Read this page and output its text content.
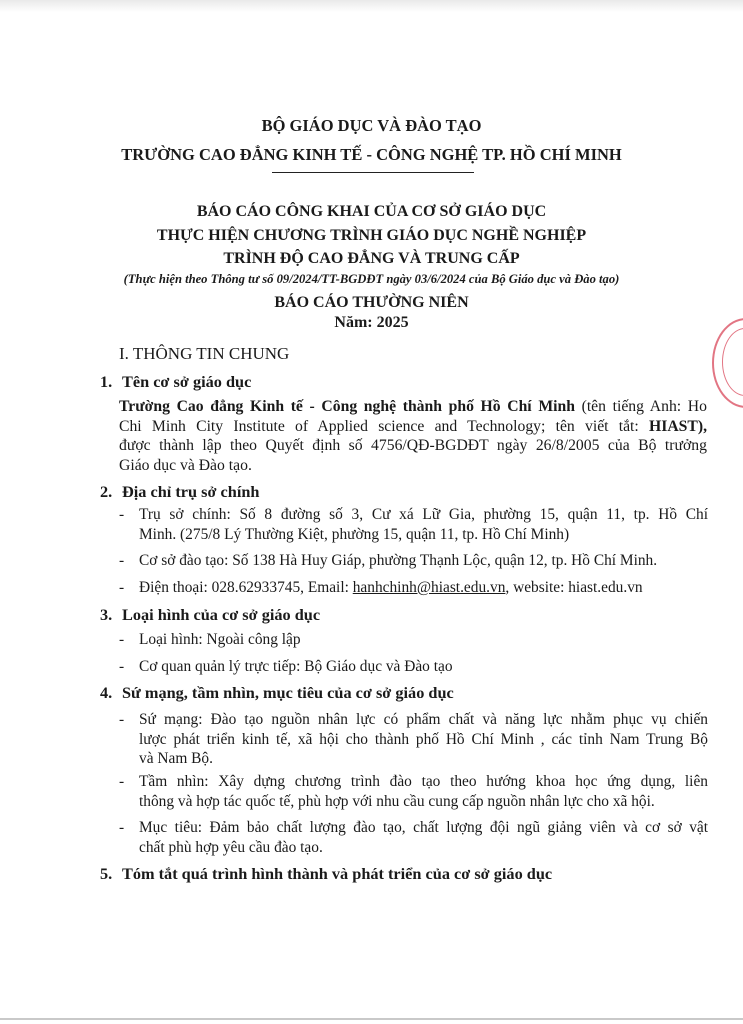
BỘ GIÁO DỤC VÀ ĐÀO TẠO
TRƯỜNG CAO ĐẲNG KINH TẾ - CÔNG NGHỆ TP. HỒ CHÍ MINH
BÁO CÁO CÔNG KHAI CỦA CƠ SỞ GIÁO DỤC
THỰC HIỆN CHƯƠNG TRÌNH GIÁO DỤC NGHỀ NGHIỆP
TRÌNH ĐỘ CAO ĐẲNG VÀ TRUNG CẤP
(Thực hiện theo Thông tư số 09/2024/TT-BGDĐT ngày 03/6/2024 của Bộ Giáo dục và Đào tạo)
BÁO CÁO THƯỜNG NIÊN
Năm: 2025
I. THÔNG TIN CHUNG
1. Tên cơ sở giáo dục
Trường Cao đẳng Kinh tế - Công nghệ thành phố Hồ Chí Minh (tên tiếng Anh: Ho
Chi Minh City Institute of Applied science and Technology; tên viết tắt: HIAST),
được thành lập theo Quyết định số 4756/QĐ-BGDĐT ngày 26/8/2005 của Bộ trưởng
Giáo dục và Đào tạo.
2. Địa chỉ trụ sở chính
- Trụ sở chính: Số 8 đường số 3, Cư xá Lữ Gia, phường 15, quận 11, tp. Hồ Chí
Minh. (275/8 Lý Thường Kiệt, phường 15, quận 11, tp. Hồ Chí Minh)
- Cơ sở đào tạo: Số 138 Hà Huy Giáp, phường Thạnh Lộc, quận 12, tp. Hồ Chí Minh.
- Điện thoại: 028.62933745, Email: hanhchinh@hiast.edu.vn, website: hiast.edu.vn
3. Loại hình của cơ sở giáo dục
- Loại hình: Ngoài công lập
- Cơ quan quản lý trực tiếp: Bộ Giáo dục và Đào tạo
4. Sứ mạng, tầm nhìn, mục tiêu của cơ sở giáo dục
- Sứ mạng: Đào tạo nguồn nhân lực có phẩm chất và năng lực nhằm phục vụ chiến
lược phát triển kinh tế, xã hội cho thành phố Hồ Chí Minh , các tỉnh Nam Trung Bộ
và Nam Bộ.
- Tầm nhìn: Xây dựng chương trình đào tạo theo hướng khoa học ứng dụng, liên
thông và hợp tác quốc tế, phù hợp với nhu cầu cung cấp nguồn nhân lực cho xã hội.
- Mục tiêu: Đảm bảo chất lượng đào tạo, chất lượng đội ngũ giảng viên và cơ sở vật
chất phù hợp yêu cầu đào tạo.
5. Tóm tắt quá trình hình thành và phát triển của cơ sở giáo dục
